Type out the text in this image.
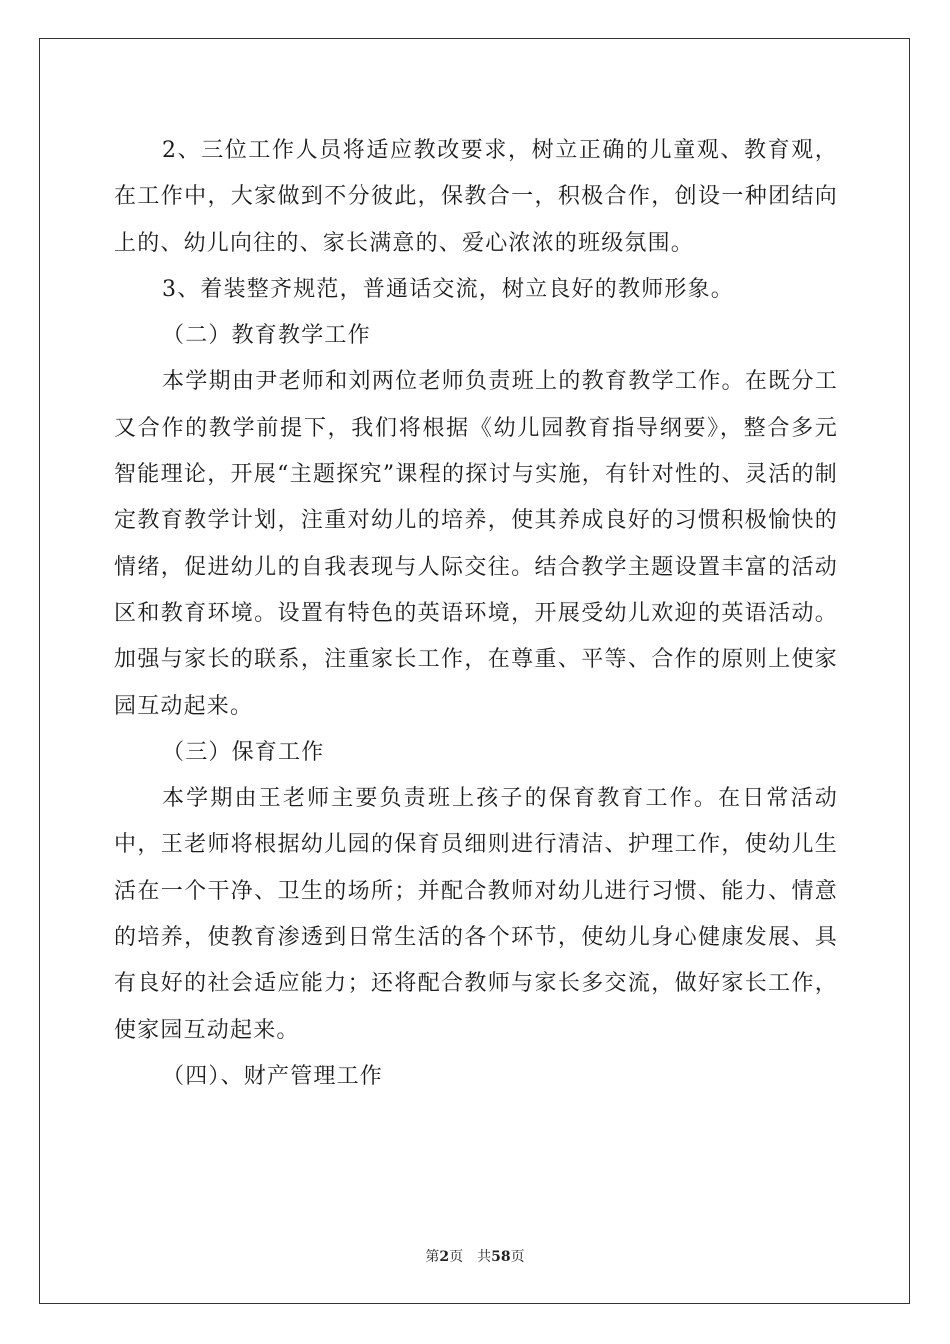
2、三位工作人员将适应教改要求，树立正确的儿童观、教育观，在工作中，大家做到不分彼此，保教合一，积极合作，创设一种团结向上的、幼儿向往的、家长满意的、爱心浓浓的班级氛围。

3、着装整齐规范，普通话交流，树立良好的教师形象。

（二）教育教学工作

本学期由尹老师和刘两位老师负责班上的教育教学工作。在既分工又合作的教学前提下，我们将根据《幼儿园教育指导纲要》，整合多元智能理论，开展“主题探究”课程的探讨与实施，有针对性的、灵活的制定教育教学计划，注重对幼儿的培养，使其养成良好的习惯积极愉快的情绪，促进幼儿的自我表现与人际交往。结合教学主题设置丰富的活动区和教育环境。设置有特色的英语环境，开展受幼儿欢迎的英语活动。加强与家长的联系，注重家长工作，在尊重、平等、合作的原则上使家园互动起来。

（三）保育工作

本学期由王老师主要负责班上孩子的保育教育工作。在日常活动中，王老师将根据幼儿园的保育员细则进行清洁、护理工作，使幼儿生活在一个干净、卫生的场所；并配合教师对幼儿进行习惯、能力、情意的培养，使教育渗透到日常生活的各个环节，使幼儿身心健康发展、具有良好的社会适应能力；还将配合教师与家长多交流，做好家长工作，使家园互动起来。

（四）、财产管理工作

第2页 共58页
